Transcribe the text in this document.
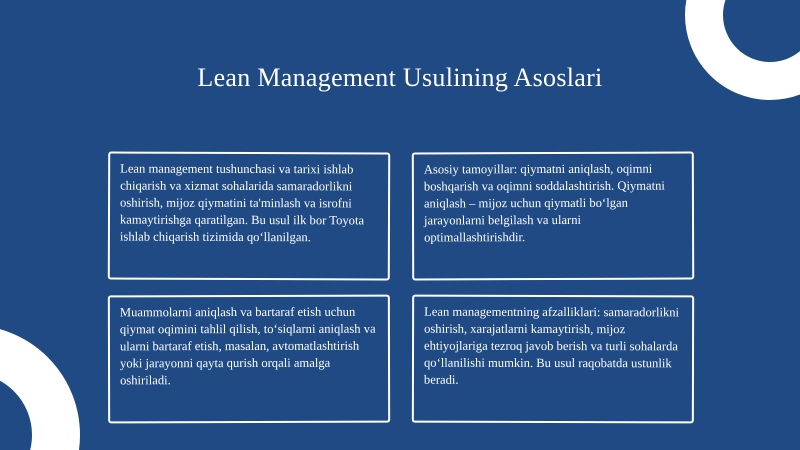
Lean Management Usulining Asoslari
Lean management tushunchasi va tarixi ishlab chiqarish va xizmat sohalarida samaradorlikni oshirish, mijoz qiymatini ta'minlash va isrofni kamaytirishga qaratilgan. Bu usul ilk bor Toyota ishlab chiqarish tizimida qo‘llanilgan.
Asosiy tamoyillar: qiymatni aniqlash, oqimni boshqarish va oqimni soddalashtirish. Qiymatni aniqlash – mijoz uchun qiymatli bo‘lgan jarayonlarni belgilash va ularni optimallashtirishdir.
Muammolarni aniqlash va bartaraf etish uchun qiymat oqimini tahlil qilish, to‘siqlarni aniqlash va ularni bartaraf etish, masalan, avtomatlashtirish yoki jarayonni qayta qurish orqali amalga oshiriladi.
Lean managementning afzalliklari: samaradorlikni oshirish, xarajatlarni kamaytirish, mijoz ehtiyojlariga tezroq javob berish va turli sohalarda qo‘llanilishi mumkin. Bu usul raqobatda ustunlik beradi.
